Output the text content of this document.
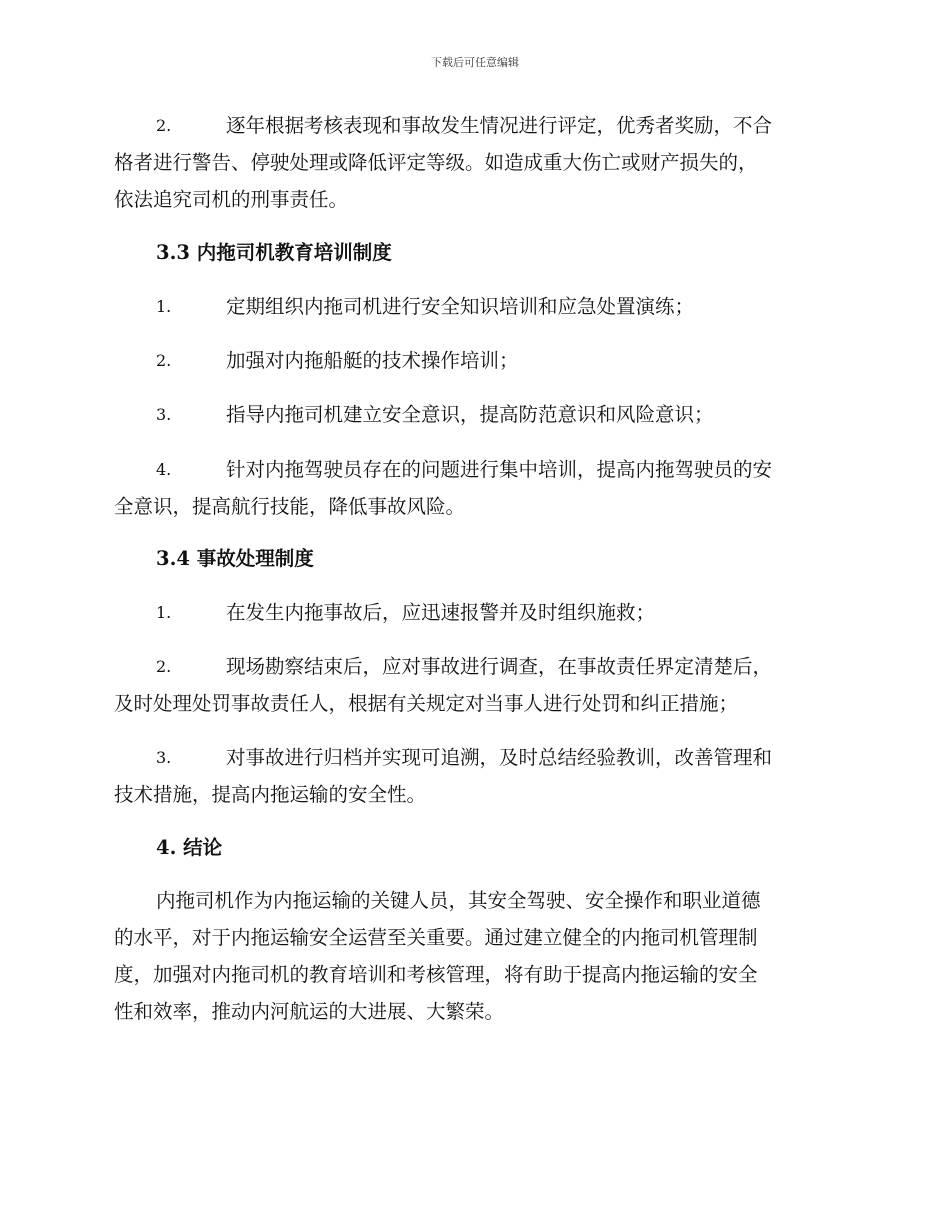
下载后可任意编辑
2.	逐年根据考核表现和事故发生情况进行评定，优秀者奖励，不合
格者进行警告、停驶处理或降低评定等级。如造成重大伤亡或财产损失的，
依法追究司机的刑事责任。
3.3 内拖司机教育培训制度
1.	定期组织内拖司机进行安全知识培训和应急处置演练；
2.	加强对内拖船艇的技术操作培训；
3.	指导内拖司机建立安全意识，提高防范意识和风险意识；
4.	针对内拖驾驶员存在的问题进行集中培训，提高内拖驾驶员的安
全意识，提高航行技能，降低事故风险。
3.4 事故处理制度
1.	在发生内拖事故后，应迅速报警并及时组织施救；
2.	现场勘察结束后，应对事故进行调查，在事故责任界定清楚后，
及时处理处罚事故责任人，根据有关规定对当事人进行处罚和纠正措施；
3.	对事故进行归档并实现可追溯，及时总结经验教训，改善管理和
技术措施，提高内拖运输的安全性。
4. 结论
内拖司机作为内拖运输的关键人员，其安全驾驶、安全操作和职业道德
的水平，对于内拖运输安全运营至关重要。通过建立健全的内拖司机管理制
度，加强对内拖司机的教育培训和考核管理，将有助于提高内拖运输的安全
性和效率，推动内河航运的大进展、大繁荣。
